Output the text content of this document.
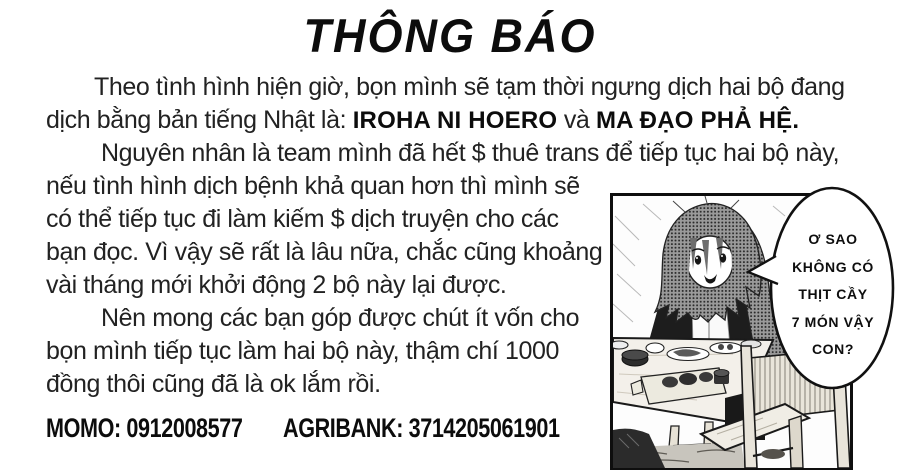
THÔNG BÁO
Theo tình hình hiện giờ, bọn mình sẽ tạm thời ngưng dịch hai bộ đang
dịch bằng bản tiếng Nhật là: IROHA NI HOERO và MA ĐẠO PHẢ HỆ.
Nguyên nhân là team mình đã hết $ thuê trans để tiếp tục hai bộ này,
nếu tình hình dịch bệnh khả quan hơn thì mình sẽ
có thể tiếp tục đi làm kiếm $ dịch truyện cho các
bạn đọc. Vì vậy sẽ rất là lâu nữa, chắc cũng khoảng
vài tháng mới khởi động 2 bộ này lại được.
Nên mong các bạn góp được chút ít vốn cho
bọn mình tiếp tục làm hai bộ này, thậm chí 1000
đồng thôi cũng đã là ok lắm rồi.
MOMO: 0912008577 AGRIBANK: 3714205061901
Ơ SAO
KHÔNG CÓ
THỊT CẦY
7 MÓN VẬY
CON?
